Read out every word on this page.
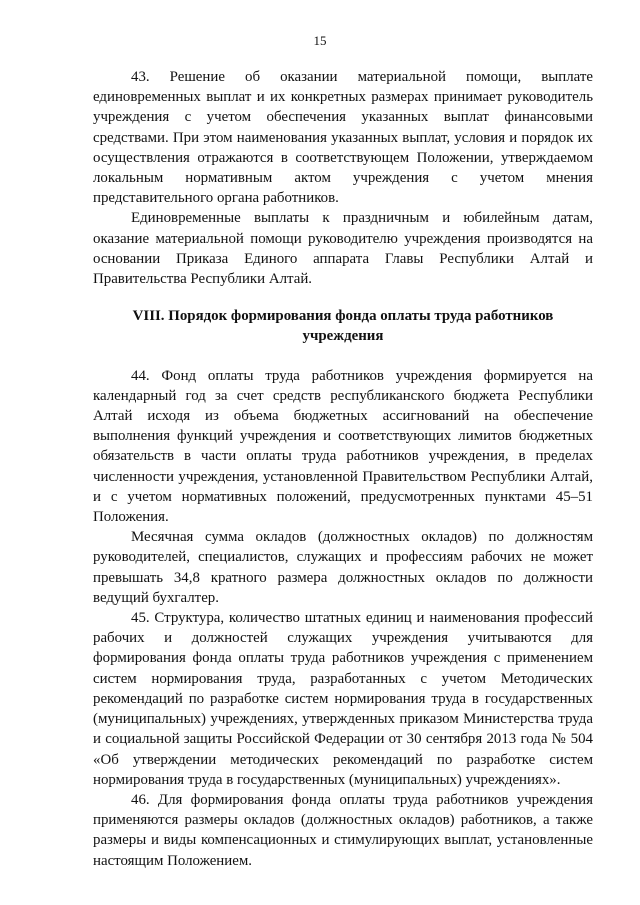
15

43. Решение об оказании материальной помощи, выплате единовременных выплат и их конкретных размерах принимает руководитель учреждения с учетом обеспечения указанных выплат финансовыми средствами. При этом наименования указанных выплат, условия и порядок их осуществления отражаются в соответствующем Положении, утверждаемом локальным нормативным актом учреждения с учетом мнения представительного органа работников.

Единовременные выплаты к праздничным и юбилейным датам, оказание материальной помощи руководителю учреждения производятся на основании Приказа Единого аппарата Главы Республики Алтай и Правительства Республики Алтай.

VIII. Порядок формирования фонда оплаты труда работников
учреждения

44. Фонд оплаты труда работников учреждения формируется на календарный год за счет средств республиканского бюджета Республики Алтай исходя из объема бюджетных ассигнований на обеспечение выполнения функций учреждения и соответствующих лимитов бюджетных обязательств в части оплаты труда работников учреждения, в пределах численности учреждения, установленной Правительством Республики Алтай, и с учетом нормативных положений, предусмотренных пунктами 45–51 Положения.

Месячная сумма окладов (должностных окладов) по должностям руководителей, специалистов, служащих и профессиям рабочих не может превышать 34,8 кратного размера должностных окладов по должности ведущий бухгалтер.

45. Структура, количество штатных единиц и наименования профессий рабочих и должностей служащих учреждения учитываются для формирования фонда оплаты труда работников учреждения с применением систем нормирования труда, разработанных с учетом Методических рекомендаций по разработке систем нормирования труда в государственных (муниципальных) учреждениях, утвержденных приказом Министерства труда и социальной защиты Российской Федерации от 30 сентября 2013 года № 504 «Об утверждении методических рекомендаций по разработке систем нормирования труда в государственных (муниципальных) учреждениях».

46. Для формирования фонда оплаты труда работников учреждения применяются размеры окладов (должностных окладов) работников, а также размеры и виды компенсационных и стимулирующих выплат, установленные настоящим Положением.
